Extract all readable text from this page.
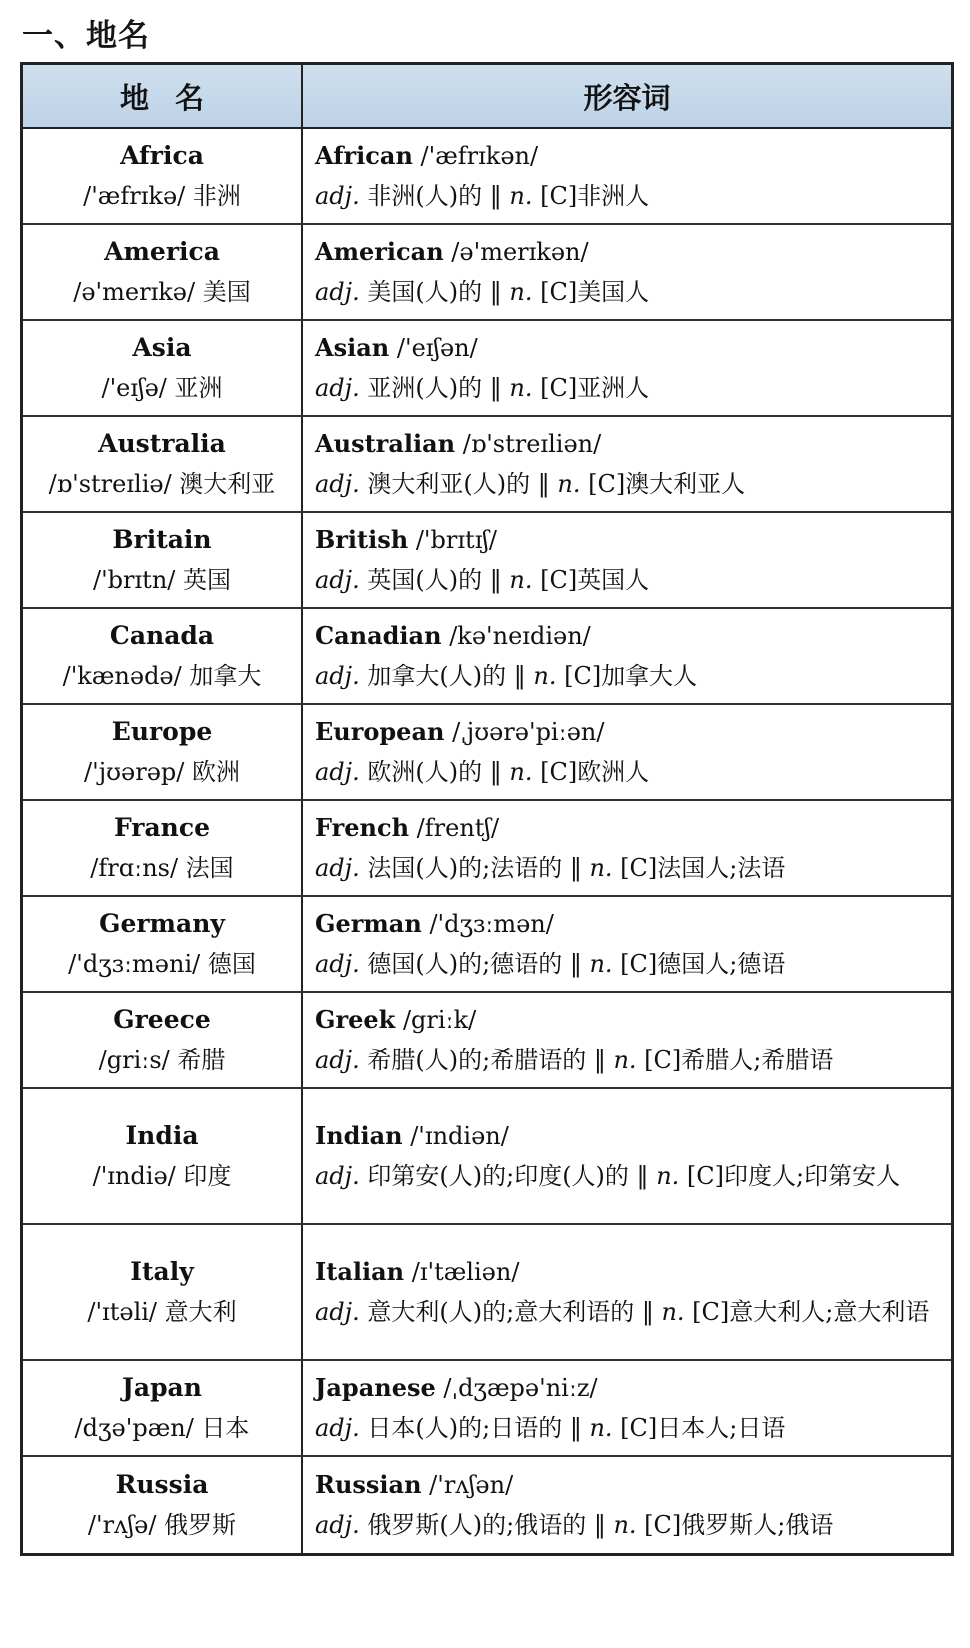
一、地名
地名	形容词
Africa
/'æfrɪkə/ 非洲
African /'æfrɪkən/
adj. 非洲(人)的 ‖ n. [C]非洲人
America
/ə'merɪkə/ 美国
American /ə'merɪkən/
adj. 美国(人)的 ‖ n. [C]美国人
Asia
/'eɪʃə/ 亚洲
Asian /'eɪʃən/
adj. 亚洲(人)的 ‖ n. [C]亚洲人
Australia
/ɒ'streɪliə/ 澳大利亚
Australian /ɒ'streɪliən/
adj. 澳大利亚(人)的 ‖ n. [C]澳大利亚人
Britain
/'brɪtn/ 英国
British /'brɪtɪʃ/
adj. 英国(人)的 ‖ n. [C]英国人
Canada
/'kænədə/ 加拿大
Canadian /kə'neɪdiən/
adj. 加拿大(人)的 ‖ n. [C]加拿大人
Europe
/'jʊərəp/ 欧洲
European /ˌjʊərə'piːən/
adj. 欧洲(人)的 ‖ n. [C]欧洲人
France
/frɑːns/ 法国
French /frentʃ/
adj. 法国(人)的;法语的 ‖ n. [C]法国人;法语
Germany
/'dʒɜːməni/ 德国
German /'dʒɜːmən/
adj. 德国(人)的;德语的 ‖ n. [C]德国人;德语
Greece
/griːs/ 希腊
Greek /griːk/
adj. 希腊(人)的;希腊语的 ‖ n. [C]希腊人;希腊语
India
/'ɪndiə/ 印度
Indian /'ɪndiən/
adj. 印第安(人)的;印度(人)的 ‖ n. [C]印度人;印第安人
Italy
/'ɪtəli/ 意大利
Italian /ɪ'tæliən/
adj. 意大利(人)的;意大利语的 ‖ n. [C]意大利人;意大利语
Japan
/dʒə'pæn/ 日本
Japanese /ˌdʒæpə'niːz/
adj. 日本(人)的;日语的 ‖ n. [C]日本人;日语
Russia
/'rʌʃə/ 俄罗斯
Russian /'rʌʃən/
adj. 俄罗斯(人)的;俄语的 ‖ n. [C]俄罗斯人;俄语
